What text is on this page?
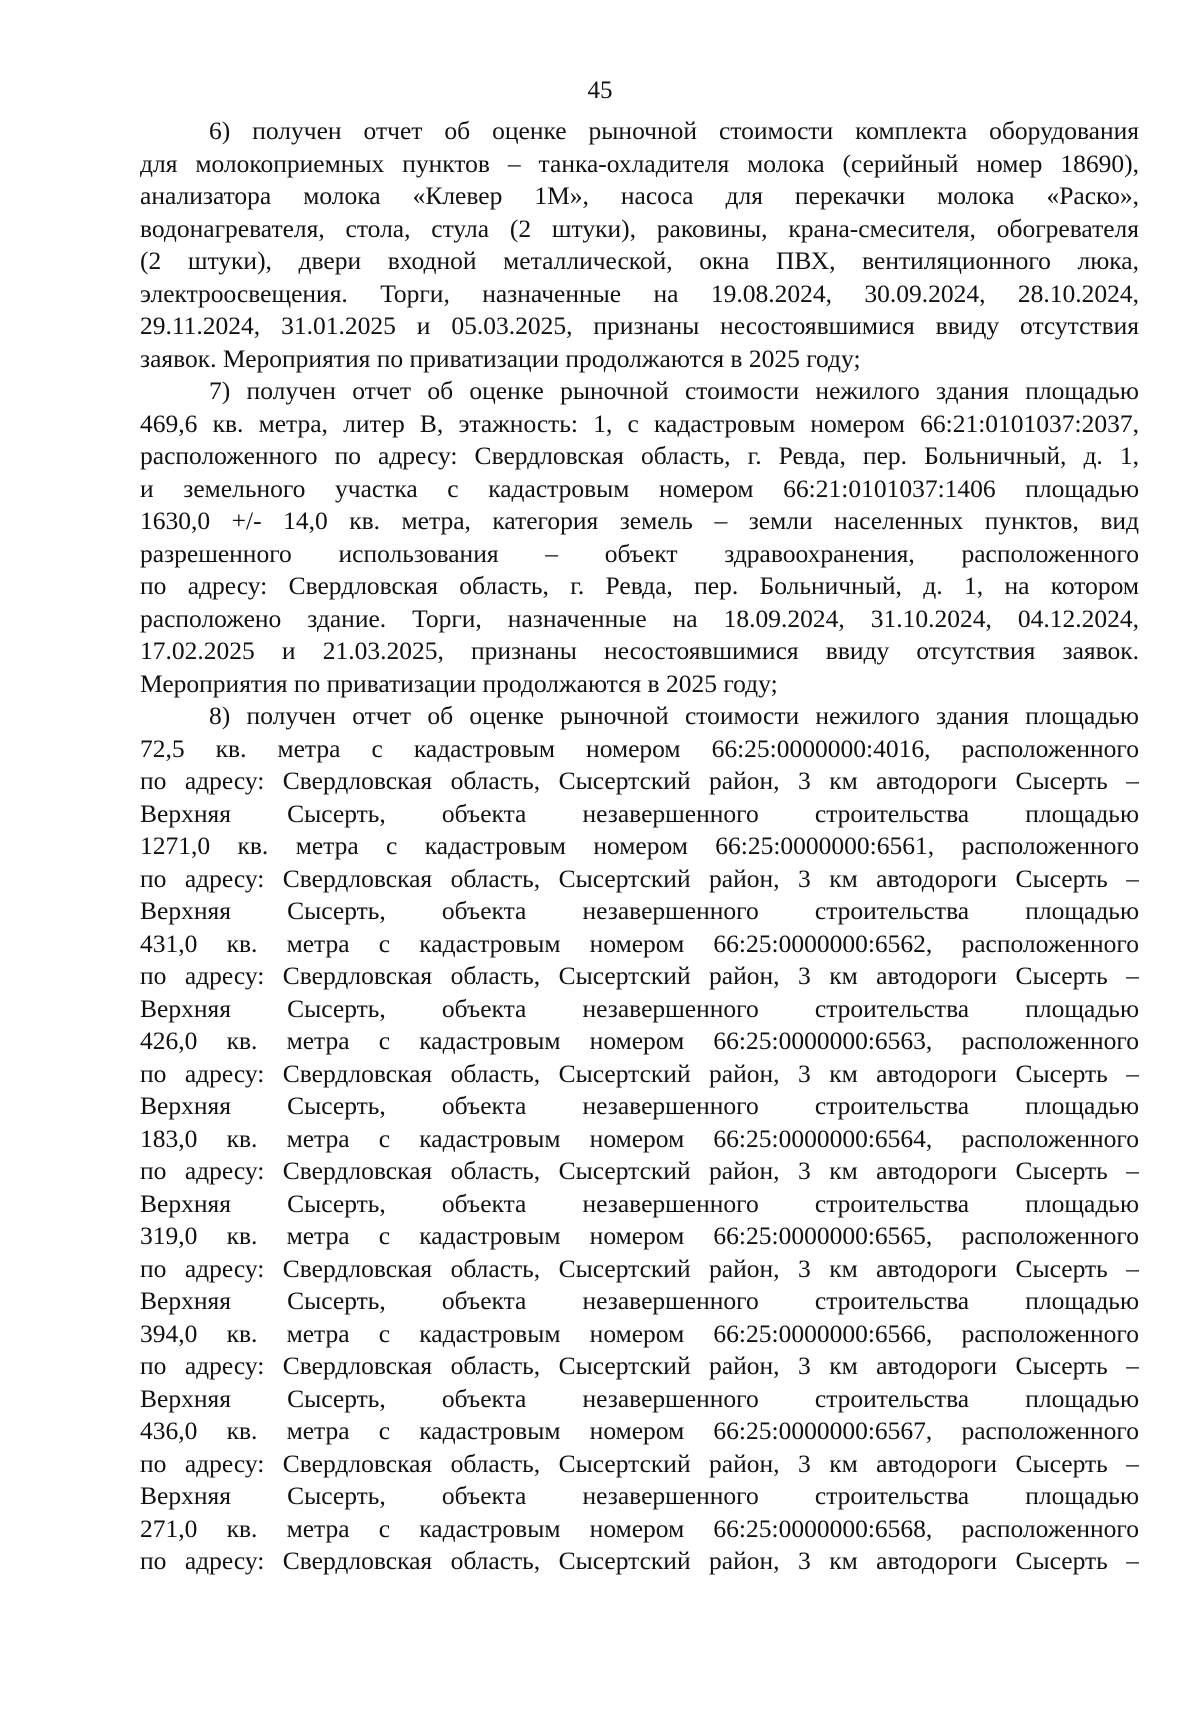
45
6) получен отчет об оценке рыночной стоимости комплекта оборудования
для молокоприемных пунктов – танка-охладителя молока (серийный номер 18690),
анализатора молока «Клевер 1М», насоса для перекачки молока «Раско»,
водонагревателя, стола, стула (2 штуки), раковины, крана-смесителя, обогревателя
(2 штуки), двери входной металлической, окна ПВХ, вентиляционного люка,
электроосвещения. Торги, назначенные на 19.08.2024, 30.09.2024, 28.10.2024,
29.11.2024, 31.01.2025 и 05.03.2025, признаны несостоявшимися ввиду отсутствия
заявок. Мероприятия по приватизации продолжаются в 2025 году;
7) получен отчет об оценке рыночной стоимости нежилого здания площадью
469,6 кв. метра, литер В, этажность: 1, с кадастровым номером 66:21:0101037:2037,
расположенного по адресу: Свердловская область, г. Ревда, пер. Больничный, д. 1,
и земельного участка с кадастровым номером 66:21:0101037:1406 площадью
1630,0 +/- 14,0 кв. метра, категория земель – земли населенных пунктов, вид
разрешенного использования – объект здравоохранения, расположенного
по адресу: Свердловская область, г. Ревда, пер. Больничный, д. 1, на котором
расположено здание. Торги, назначенные на 18.09.2024, 31.10.2024, 04.12.2024,
17.02.2025 и 21.03.2025, признаны несостоявшимися ввиду отсутствия заявок.
Мероприятия по приватизации продолжаются в 2025 году;
8) получен отчет об оценке рыночной стоимости нежилого здания площадью
72,5 кв. метра с кадастровым номером 66:25:0000000:4016, расположенного
по адресу: Свердловская область, Сысертский район, 3 км автодороги Сысерть –
Верхняя Сысерть, объекта незавершенного строительства площадью
1271,0 кв. метра с кадастровым номером 66:25:0000000:6561, расположенного
по адресу: Свердловская область, Сысертский район, 3 км автодороги Сысерть –
Верхняя Сысерть, объекта незавершенного строительства площадью
431,0 кв. метра с кадастровым номером 66:25:0000000:6562, расположенного
по адресу: Свердловская область, Сысертский район, 3 км автодороги Сысерть –
Верхняя Сысерть, объекта незавершенного строительства площадью
426,0 кв. метра с кадастровым номером 66:25:0000000:6563, расположенного
по адресу: Свердловская область, Сысертский район, 3 км автодороги Сысерть –
Верхняя Сысерть, объекта незавершенного строительства площадью
183,0 кв. метра с кадастровым номером 66:25:0000000:6564, расположенного
по адресу: Свердловская область, Сысертский район, 3 км автодороги Сысерть –
Верхняя Сысерть, объекта незавершенного строительства площадью
319,0 кв. метра с кадастровым номером 66:25:0000000:6565, расположенного
по адресу: Свердловская область, Сысертский район, 3 км автодороги Сысерть –
Верхняя Сысерть, объекта незавершенного строительства площадью
394,0 кв. метра с кадастровым номером 66:25:0000000:6566, расположенного
по адресу: Свердловская область, Сысертский район, 3 км автодороги Сысерть –
Верхняя Сысерть, объекта незавершенного строительства площадью
436,0 кв. метра с кадастровым номером 66:25:0000000:6567, расположенного
по адресу: Свердловская область, Сысертский район, 3 км автодороги Сысерть –
Верхняя Сысерть, объекта незавершенного строительства площадью
271,0 кв. метра с кадастровым номером 66:25:0000000:6568, расположенного
по адресу: Свердловская область, Сысертский район, 3 км автодороги Сысерть –
